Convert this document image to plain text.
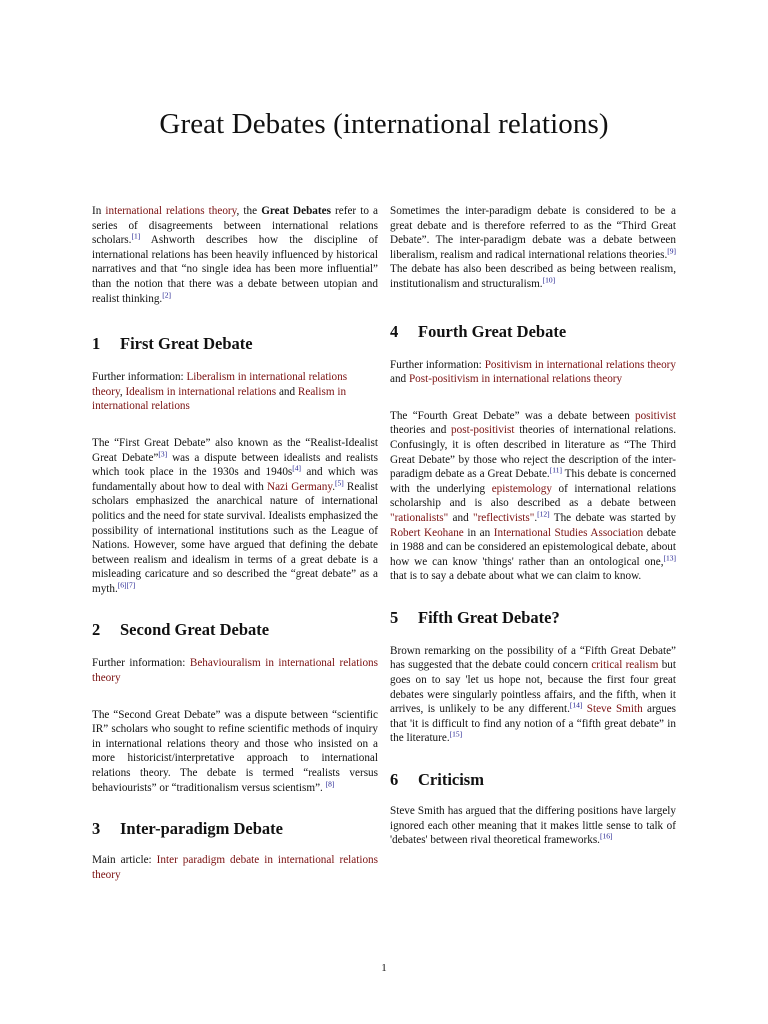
Great Debates (international relations)

In international relations theory, the Great Debates refer to a series of disagreements between international relations scholars.[1] Ashworth describes how the discipline of international relations has been heavily influenced by historical narratives and that “no single idea has been more influential” than the notion that there was a debate between utopian and realist thinking.[2]

1 First Great Debate

Further information: Liberalism in international relations theory, Idealism in international relations and Realism in international relations

The “First Great Debate” also known as the “Realist-Idealist Great Debate”[3] was a dispute between idealists and realists which took place in the 1930s and 1940s[4] and which was fundamentally about how to deal with Nazi Germany.[5] Realist scholars emphasized the anarchical nature of international politics and the need for state survival. Idealists emphasized the possibility of international institutions such as the League of Nations. However, some have argued that defining the debate between realism and idealism in terms of a great debate is a misleading caricature and so described the “great debate” as a myth.[6][7]

2 Second Great Debate

Further information: Behaviouralism in international relations theory

The “Second Great Debate” was a dispute between “scientific IR” scholars who sought to refine scientific methods of inquiry in international relations theory and those who insisted on a more historicist/interpretative approach to international relations theory. The debate is termed “realists versus behaviourists” or “traditionalism versus scientism”. [8]

3 Inter-paradigm Debate

Main article: Inter paradigm debate in international relations theory

Sometimes the inter-paradigm debate is considered to be a great debate and is therefore referred to as the “Third Great Debate”. The inter-paradigm debate was a debate between liberalism, realism and radical international relations theories.[9] The debate has also been described as being between realism, institutionalism and structuralism.[10]

4 Fourth Great Debate

Further information: Positivism in international relations theory and Post-positivism in international relations theory

The “Fourth Great Debate” was a debate between positivist theories and post-positivist theories of international relations. Confusingly, it is often described in literature as “The Third Great Debate” by those who reject the description of the inter-paradigm debate as a Great Debate.[11] This debate is concerned with the underlying epistemology of international relations scholarship and is also described as a debate between "rationalists" and "reflectivists".[12] The debate was started by Robert Keohane in an International Studies Association debate in 1988 and can be considered an epistemological debate, about how we can know 'things' rather than an ontological one,[13] that is to say a debate about what we can claim to know.

5 Fifth Great Debate?

Brown remarking on the possibility of a “Fifth Great Debate” has suggested that the debate could concern critical realism but goes on to say 'let us hope not, because the first four great debates were singularly pointless affairs, and the fifth, when it arrives, is unlikely to be any different.[14] Steve Smith argues that 'it is difficult to find any notion of a “fifth great debate” in the literature.[15]

6 Criticism

Steve Smith has argued that the differing positions have largely ignored each other meaning that it makes little sense to talk of 'debates' between rival theoretical frameworks.[16]

1
